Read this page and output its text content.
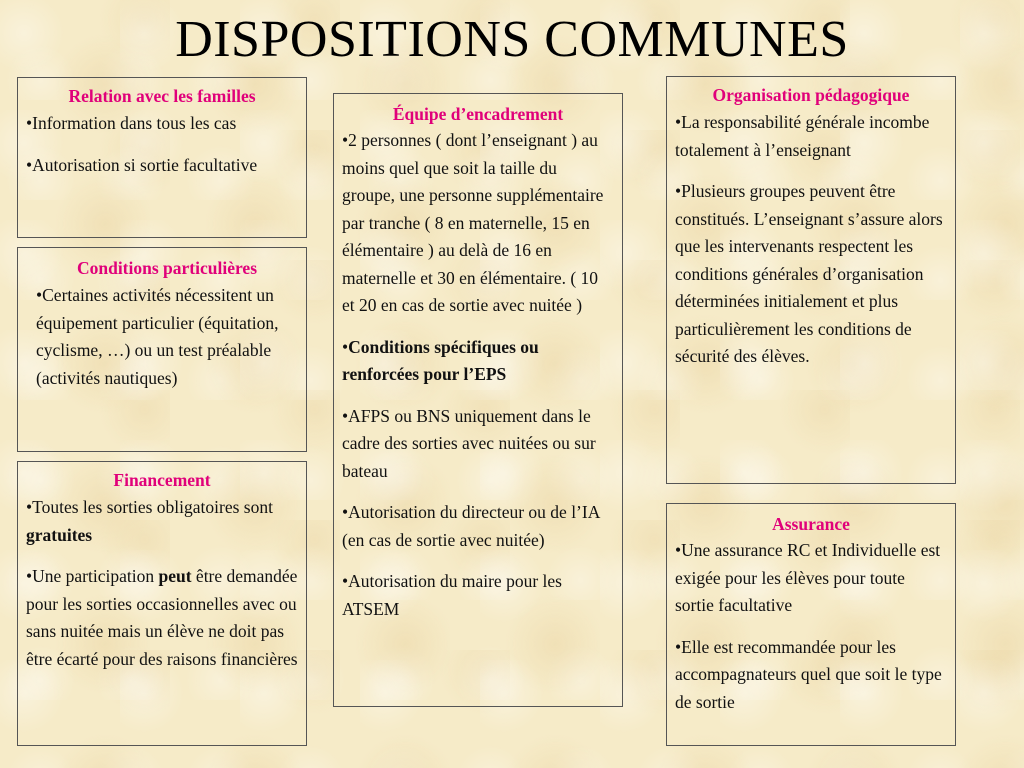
DISPOSITIONS COMMUNES
Relation avec les familles

•Information dans tous les cas

•Autorisation si sortie facultative

Conditions particulières

•Certaines activités nécessitent un équipement particulier (équitation, cyclisme, …) ou un test préalable (activités nautiques)

Financement

•Toutes les sorties obligatoires sont gratuites

•Une participation peut être demandée pour les sorties occasionnelles avec ou sans nuitée mais un élève ne doit pas être écarté pour des raisons financières

Équipe d’encadrement

•2 personnes ( dont l’enseignant ) au moins quel que soit la taille du groupe, une personne supplémentaire par tranche ( 8 en maternelle, 15 en élémentaire ) au delà de 16 en maternelle et 30 en élémentaire. ( 10 et 20 en cas de sortie avec nuitée )

•Conditions spécifiques ou renforcées pour l’EPS

•AFPS ou BNS uniquement dans le cadre des sorties avec nuitées ou sur bateau

•Autorisation du directeur ou de l’IA (en cas de sortie avec nuitée)

•Autorisation du maire pour les ATSEM

Organisation pédagogique

•La responsabilité générale incombe totalement à l’enseignant

•Plusieurs groupes peuvent être constitués. L’enseignant s’assure alors que les intervenants respectent les conditions générales d’organisation déterminées initialement et plus particulièrement les conditions de sécurité des élèves.

Assurance

•Une assurance RC et Individuelle est exigée pour les élèves pour toute sortie facultative

•Elle est recommandée pour les accompagnateurs quel que soit le type de sortie
